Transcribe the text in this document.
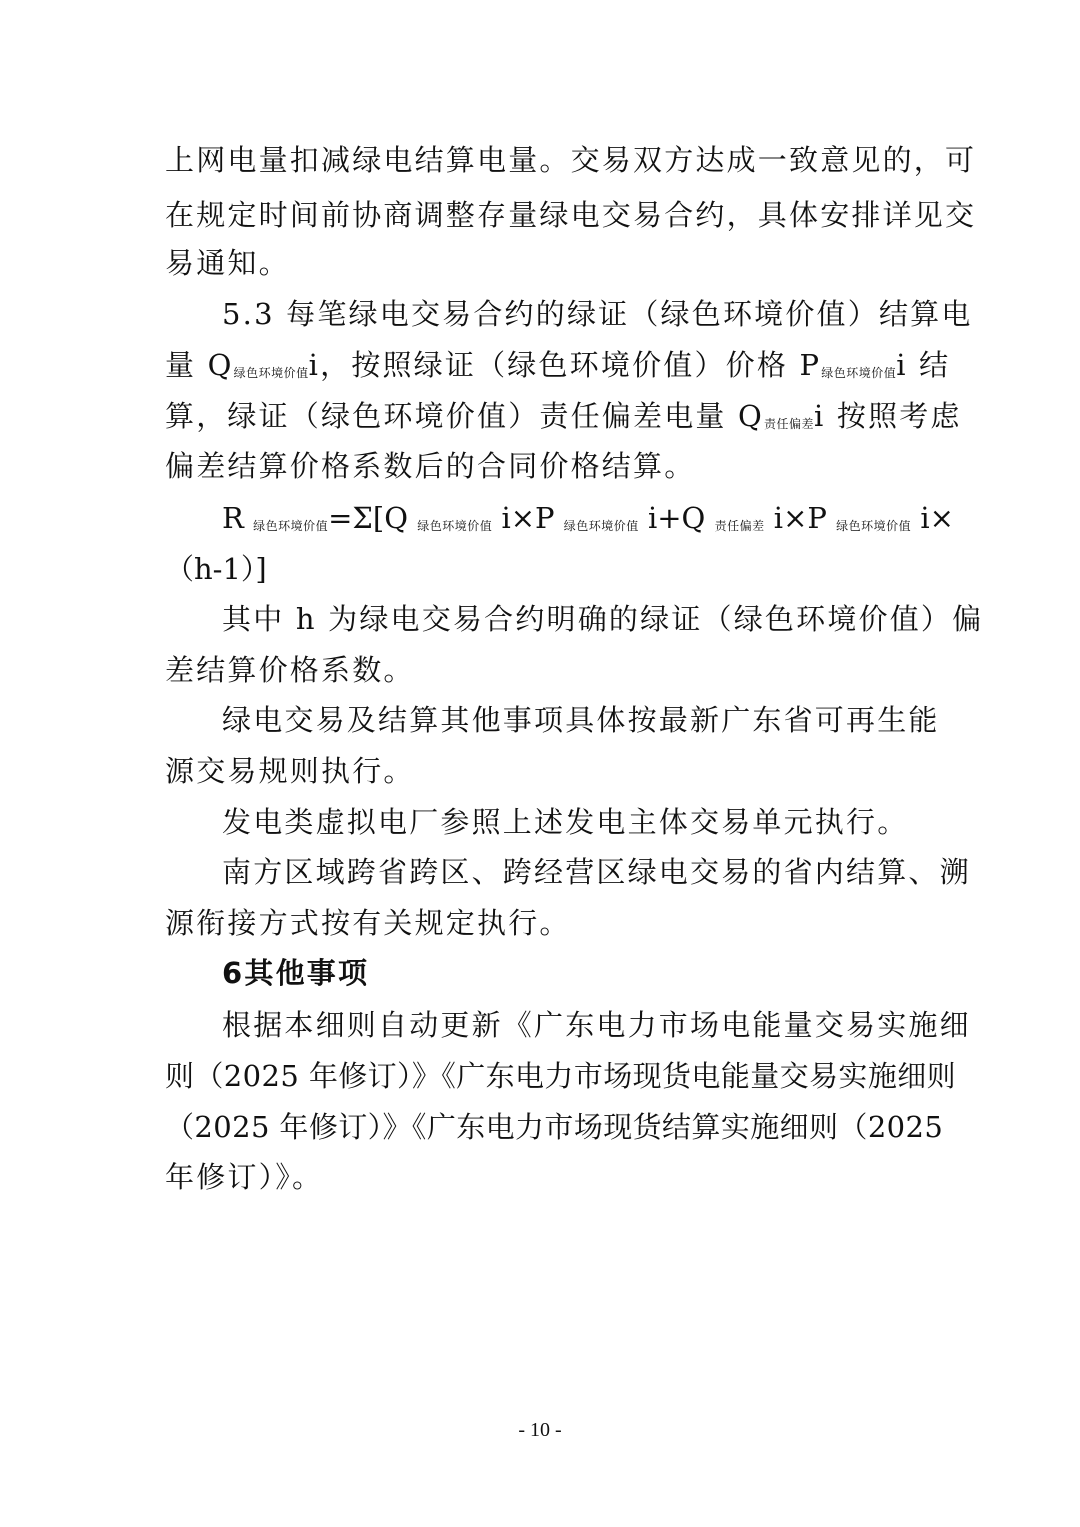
上网电量扣减绿电结算电量。交易双方达成一致意见的，可
在规定时间前协商调整存量绿电交易合约，具体安排详见交
易通知。
5.3 每笔绿电交易合约的绿证（绿色环境价值）结算电
量 Q绿色环境价值i，按照绿证（绿色环境价值）价格 P绿色环境价值i 结
算，绿证（绿色环境价值）责任偏差电量 Q责任偏差i 按照考虑
偏差结算价格系数后的合同价格结算。
R 绿色环境价值=Σ[Q 绿色环境价值 i×P 绿色环境价值 i+Q 责任偏差 i×P 绿色环境价值 i×
（h-1）]
其中 h 为绿电交易合约明确的绿证（绿色环境价值）偏
差结算价格系数。
绿电交易及结算其他事项具体按最新广东省可再生能
源交易规则执行。
发电类虚拟电厂参照上述发电主体交易单元执行。
南方区域跨省跨区、跨经营区绿电交易的省内结算、溯
源衔接方式按有关规定执行。
6其他事项
根据本细则自动更新《广东电力市场电能量交易实施细
则（2025 年修订）》《广东电力市场现货电能量交易实施细则
（2025 年修订）》《广东电力市场现货结算实施细则（2025
年修订）》。
- 10 -
